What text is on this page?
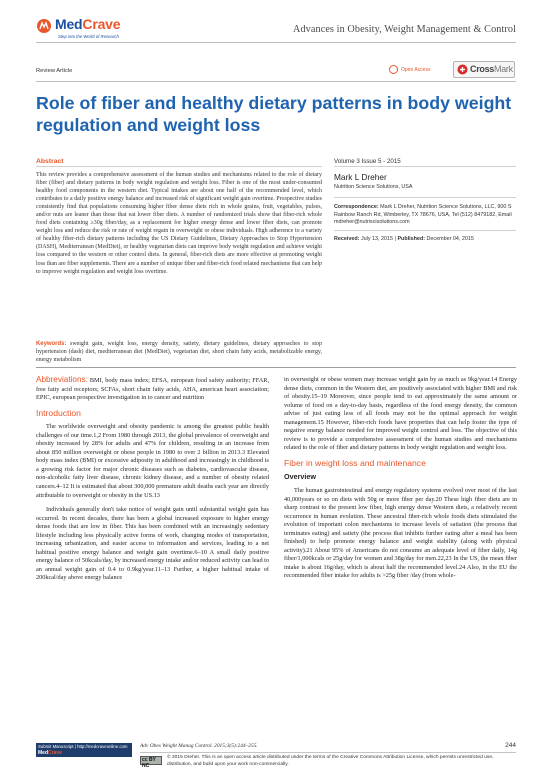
MedCrave
Step into the World of Research
Advances in Obesity, Weight Management & Control
Review Article	Open Access	CrossMark
Role of fiber and healthy dietary patterns in body weight regulation and weight loss
Abstract
This review provides a comprehensive assessment of the human studies and mechanisms related to the role of dietary fiber (fiber) and dietary patterns in body weight regulation and weight loss. Fiber is one of the most under-consumed healthy food components in the western diet. Typical intakes are about one half of the recommended level, which contributes to a daily positive energy balance and increased risk of significant weight gain overtime. Prospective studies consistently find that populations consuming higher fiber dense diets rich in whole grains, fruit, vegetables, pulses, and/or nuts are leaner than those that eat lower fiber diets. A number of randomized trials show that fiber-rich whole food diets containing ≥30g fiber/day, as a replacement for higher energy dense and lower fiber diets, can promote weight loss and reduce the risk or rate of weight regain in overweight or obese individuals. High adherence to a variety of healthy fiber-rich dietary patterns including the US Dietary Guidelines, Dietary Approaches to Stop Hypertension (DASH), Mediterranean (MedDiet), or healthy vegetarian diets can improve body weight regulation and achieve weight loss compared to the western or other control diets. In general, fiber-rich diets are more effective at promoting weight loss than are fiber supplements. There are a number of unique fiber and fiber-rich food related mechanisms that can help to improve weight regulation and weight loss overtime.
Keywords: sweight gain, weight loss, energy density, satiety, dietary guidelines, dietary approaches to stop hypertension (dash) diet, mediterranean diet (MedDiet), vegetarian diet, short chain fatty acids, metabolizable energy, energy metabolism
Volume 3 Issue 5 - 2015
Mark L Dreher
Nutrition Science Solutions, USA
Correspondence: Mark L Dreher, Nutrition Science Solutions, LLC, 900 S Rainbow Ranch Rd, Wimberley, TX 78676, USA, Tel (512) 8479182, Email mdreher@nutriscisolutions.com
Received: July 13, 2015 | Published: December 04, 2015

Abbreviations: BMI, body mass index; EFSA, european food safety authority; FFAR, free fatty acid receptors; SCFAs, short chain fatty acids, AHA, american heart association; EPIC, european prospective investigation in to cancer and nutrition

Introduction

The worldwide overweight and obesity pandemic is among the greatest public health challenges of our time.1,2 From 1980 through 2013, the global prevalence of overweight and obesity increased by 28% for adults and 47% for children, resulting in an increase from about 850 million overweight or obese people in 1980 to over 2 billion in 2013.3 Elevated body mass index (BMI) or excessive adiposity in adulthood and increasingly in childhood is a growing risk factor for major chronic diseases such as diabetes, cardiovascular disease, non-alcoholic fatty liver disease, chronic kidney disease, and a number of obesity related cancers.4–12 It is estimated that about 300,000 premature adult deaths each year are directly attributable to overweight or obesity in the US.13

Individuals generally don't take notice of weight gain until substantial weight gain has occurred. In recent decades, there has been a global increased exposure to higher energy dense foods that are low in fiber. This has been combined with an increasingly sedentary lifestyle including less physically active forms of work, changing modes of transportation, increasing urbanization, and easier access to information and services, leading to a net habitual positive energy balance and weight gain overtime.6–10 A small daily positive energy balance of 50kcals/day, by increased energy intake and/or reduced activity can lead to an annual weight gain of 0.4 to 0.9kg/year.11–13 Further, a higher habitual intake of 200kcal/day above energy balance

in overweight or obese women may increase weight gain by as much as 9kg/year.14 Energy dense diets, common in the Western diet, are positively associated with higher BMI and risk of obesity.15–19 Moreover, since people tend to eat approximately the same amount or volume of food on a day-to-day basis, regardless of the food energy density, the common advise of just eating less of all foods may not be the optimal approach for weight management.15 However, fiber-rich foods have properties that can help foster the type of negative energy balance needed for improved weight control and loss. The objective of this review is to provide a comprehensive assessment of the human studies and mechanisms related to the role of fiber and dietary patterns in body weight regulation and weight loss.

Fiber in weight loss and maintenance
Overview

The human gastrointestinal and energy regulatory systems evolved over most of the last 40,000years or so on diets with 50g or more fiber per day.20 These high fiber diets are in sharp contrast to the present low fiber, high energy dense Western diets, a relatively recent occurrence in human evolution. These ancestral fiber-rich whole foods diets stimulated the evolution of important colon mechanisms to increase levels of satiation (the process that terminates eating) and satiety (the process that inhibits further eating after a meal has been finished) to help promote energy balance and weight stability (along with physical activity).21 About 95% of Americans do not consume an adequate level of fiber daily, 14g fiber/1,000kcals or 25g/day for women and 38g/day for men.22,23 In the US, the mean fiber intake is about 16g/day, which is about half the recommended level.24 Also, in the EU the recommended fiber intake for adults is >25g fiber /day (from whole-

Submit Manuscript | http://medcraveonline.com
MedCrave
Adv Obes Weight Manag Control. 2015;3(5):244–255.	244
cc BY NC
© 2015 Dreher. This is an open access article distributed under the terms of the Creative Commons Attribution License, which permits unrestricted use, distribution, and build upon your work non-commercially.
